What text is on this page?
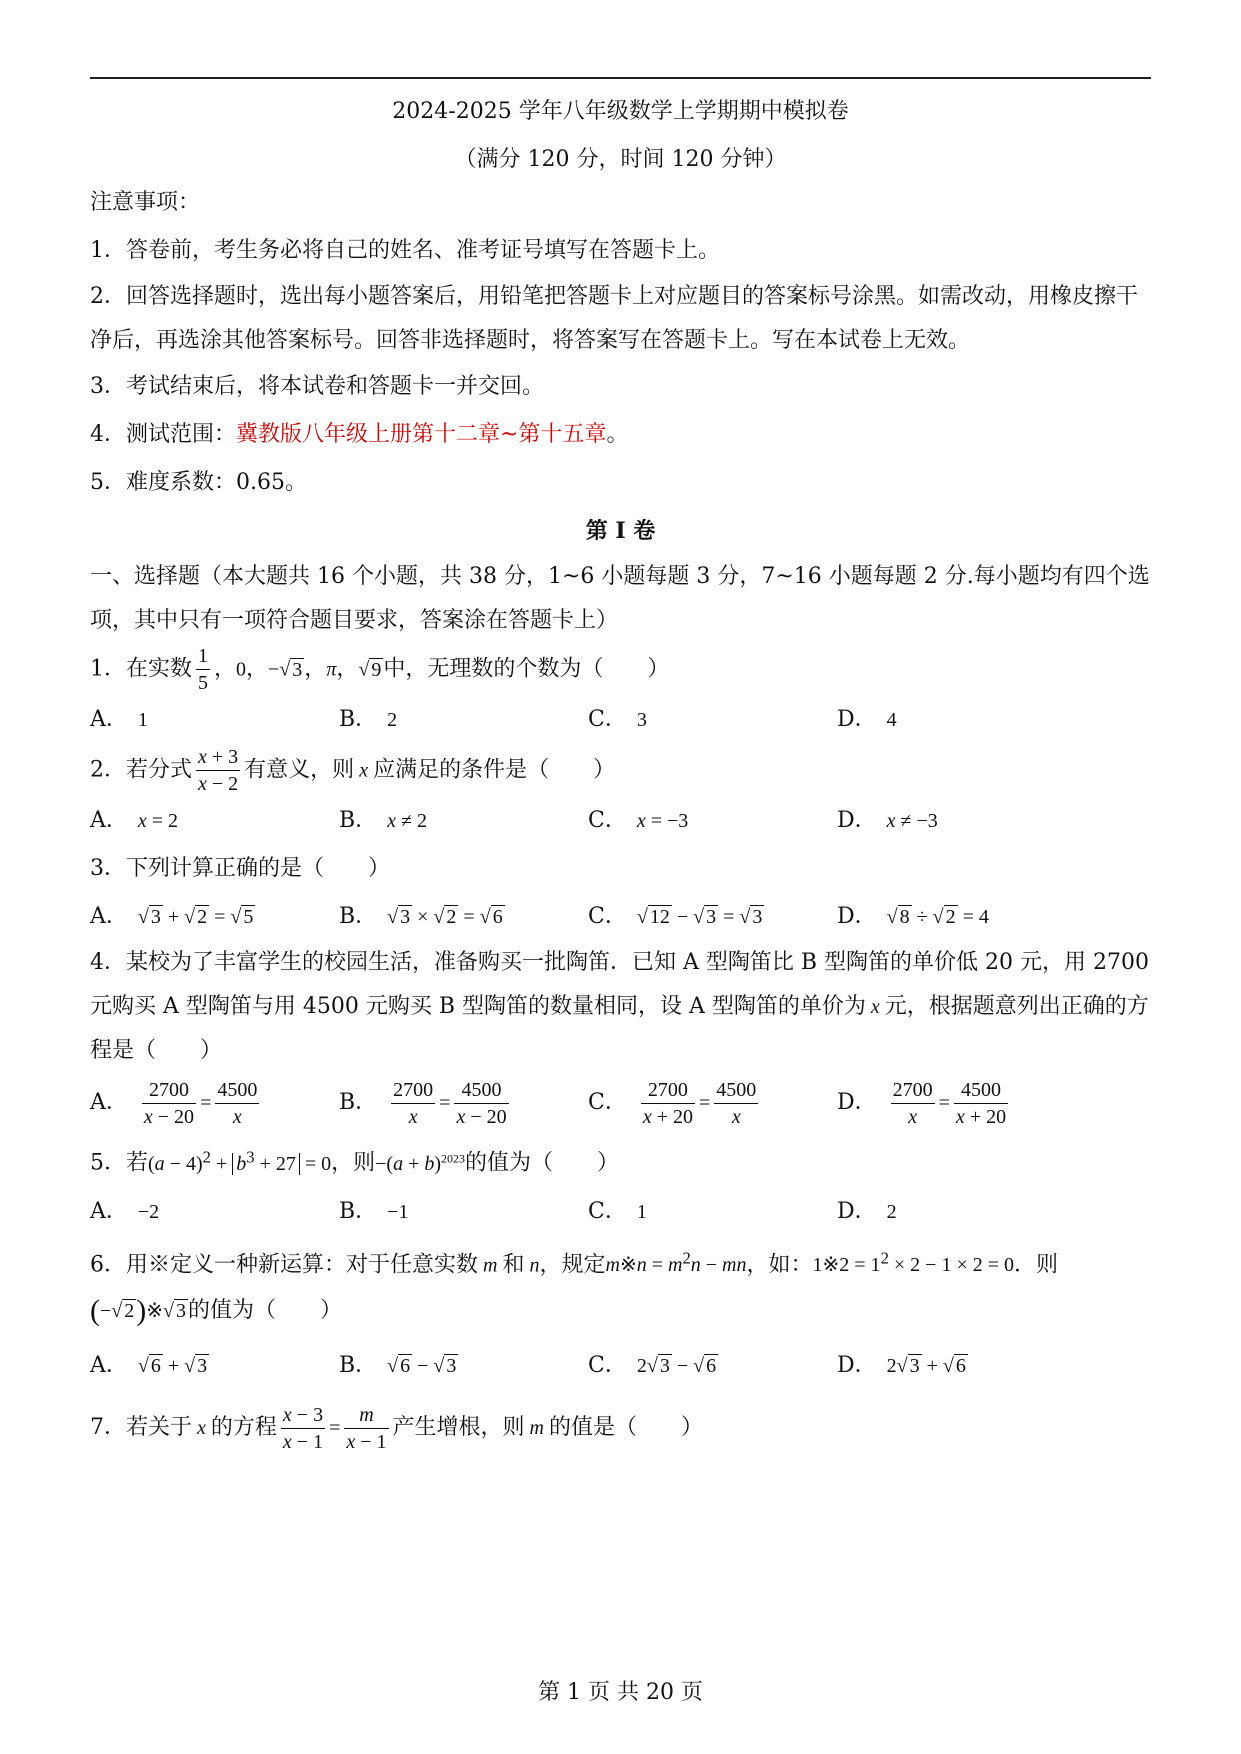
2024-2025 学年八年级数学上学期期中模拟卷
（满分 120 分，时间 120 分钟）

注意事项：

1．答卷前，考生务必将自己的姓名、准考证号填写在答题卡上。

2．回答选择题时，选出每小题答案后，用铅笔把答题卡上对应题目的答案标号涂黑。如需改动，用橡皮擦干净后，再选涂其他答案标号。回答非选择题时，将答案写在答题卡上。写在本试卷上无效。

3．考试结束后，将本试卷和答题卡一并交回。

4．测试范围：冀教版八年级上册第十二章~第十五章。

5．难度系数：0.65。

第 I 卷

一、选择题（本大题共 16 个小题，共 38 分，1~6 小题每题 3 分，7~16 小题每题 2 分.每小题均有四个选项，其中只有一项符合题目要求，答案涂在答题卡上）

1．在实数 $\frac{1}{5}$ ，0，−√ 3，π，√ 9中，无理数的个数为（　　）

A． 1	B． 2	C． 3	D． 4

2．若分式 $\frac{x + 3}{x - 2}$ 有意义，则 x 应满足的条件是（　　）

A． x = 2	B． x ≠ 2	C． x = −3	D． x ≠ −3

3．下列计算正确的是（　　）

A． √ 3 + √ 2 = √ 5	B． √ 3 × √ 2 = √ 6	C． √ 12 − √ 3 = √ 3	D． √ 8 ÷ √ 2 = 4

4．某校为了丰富学生的校园生活，准备购买一批陶笛．已知 A 型陶笛比 B 型陶笛的单价低 20 元，用 2700 元购买 A 型陶笛与用 4500 元购买 B 型陶笛的数量相同，设 A 型陶笛的单价为 x 元，根据题意列出正确的方程是（　　）

A． $\frac{2700}{x - 20} = \frac{4500}{x}$	B． $\frac{2700}{x} = \frac{4500}{x - 20}$	C． $\frac{2700}{x + 20} = \frac{4500}{x}$	D． $\frac{2700}{x} = \frac{4500}{x + 20}$

5．若$(a - 4)^2 + b^3 + 27 = 0$，则$-(a + b)^{2023}$的值为（　　）

A． −2	B． −1	C． 1	D． 2

6．用※定义一种新运算：对于任意实数 m 和 n，规定m※n = $m^2n$ − mn，如：1※2 = $1^2 \times 2 - 1 \times 2 = 0$．则
(−√ 2)※√ 3的值为（　　）

A． √ 6 + √ 3	B． √ 6 − √ 3	C． 2√ 3 − √ 6	D． 2√ 3 + √ 6

7．若关于 x 的方程 $\frac{x - 3}{x - 1} = \frac{m}{x - 1}$ 产生增根，则 m 的值是（　　）

第 1 页 共 20 页
